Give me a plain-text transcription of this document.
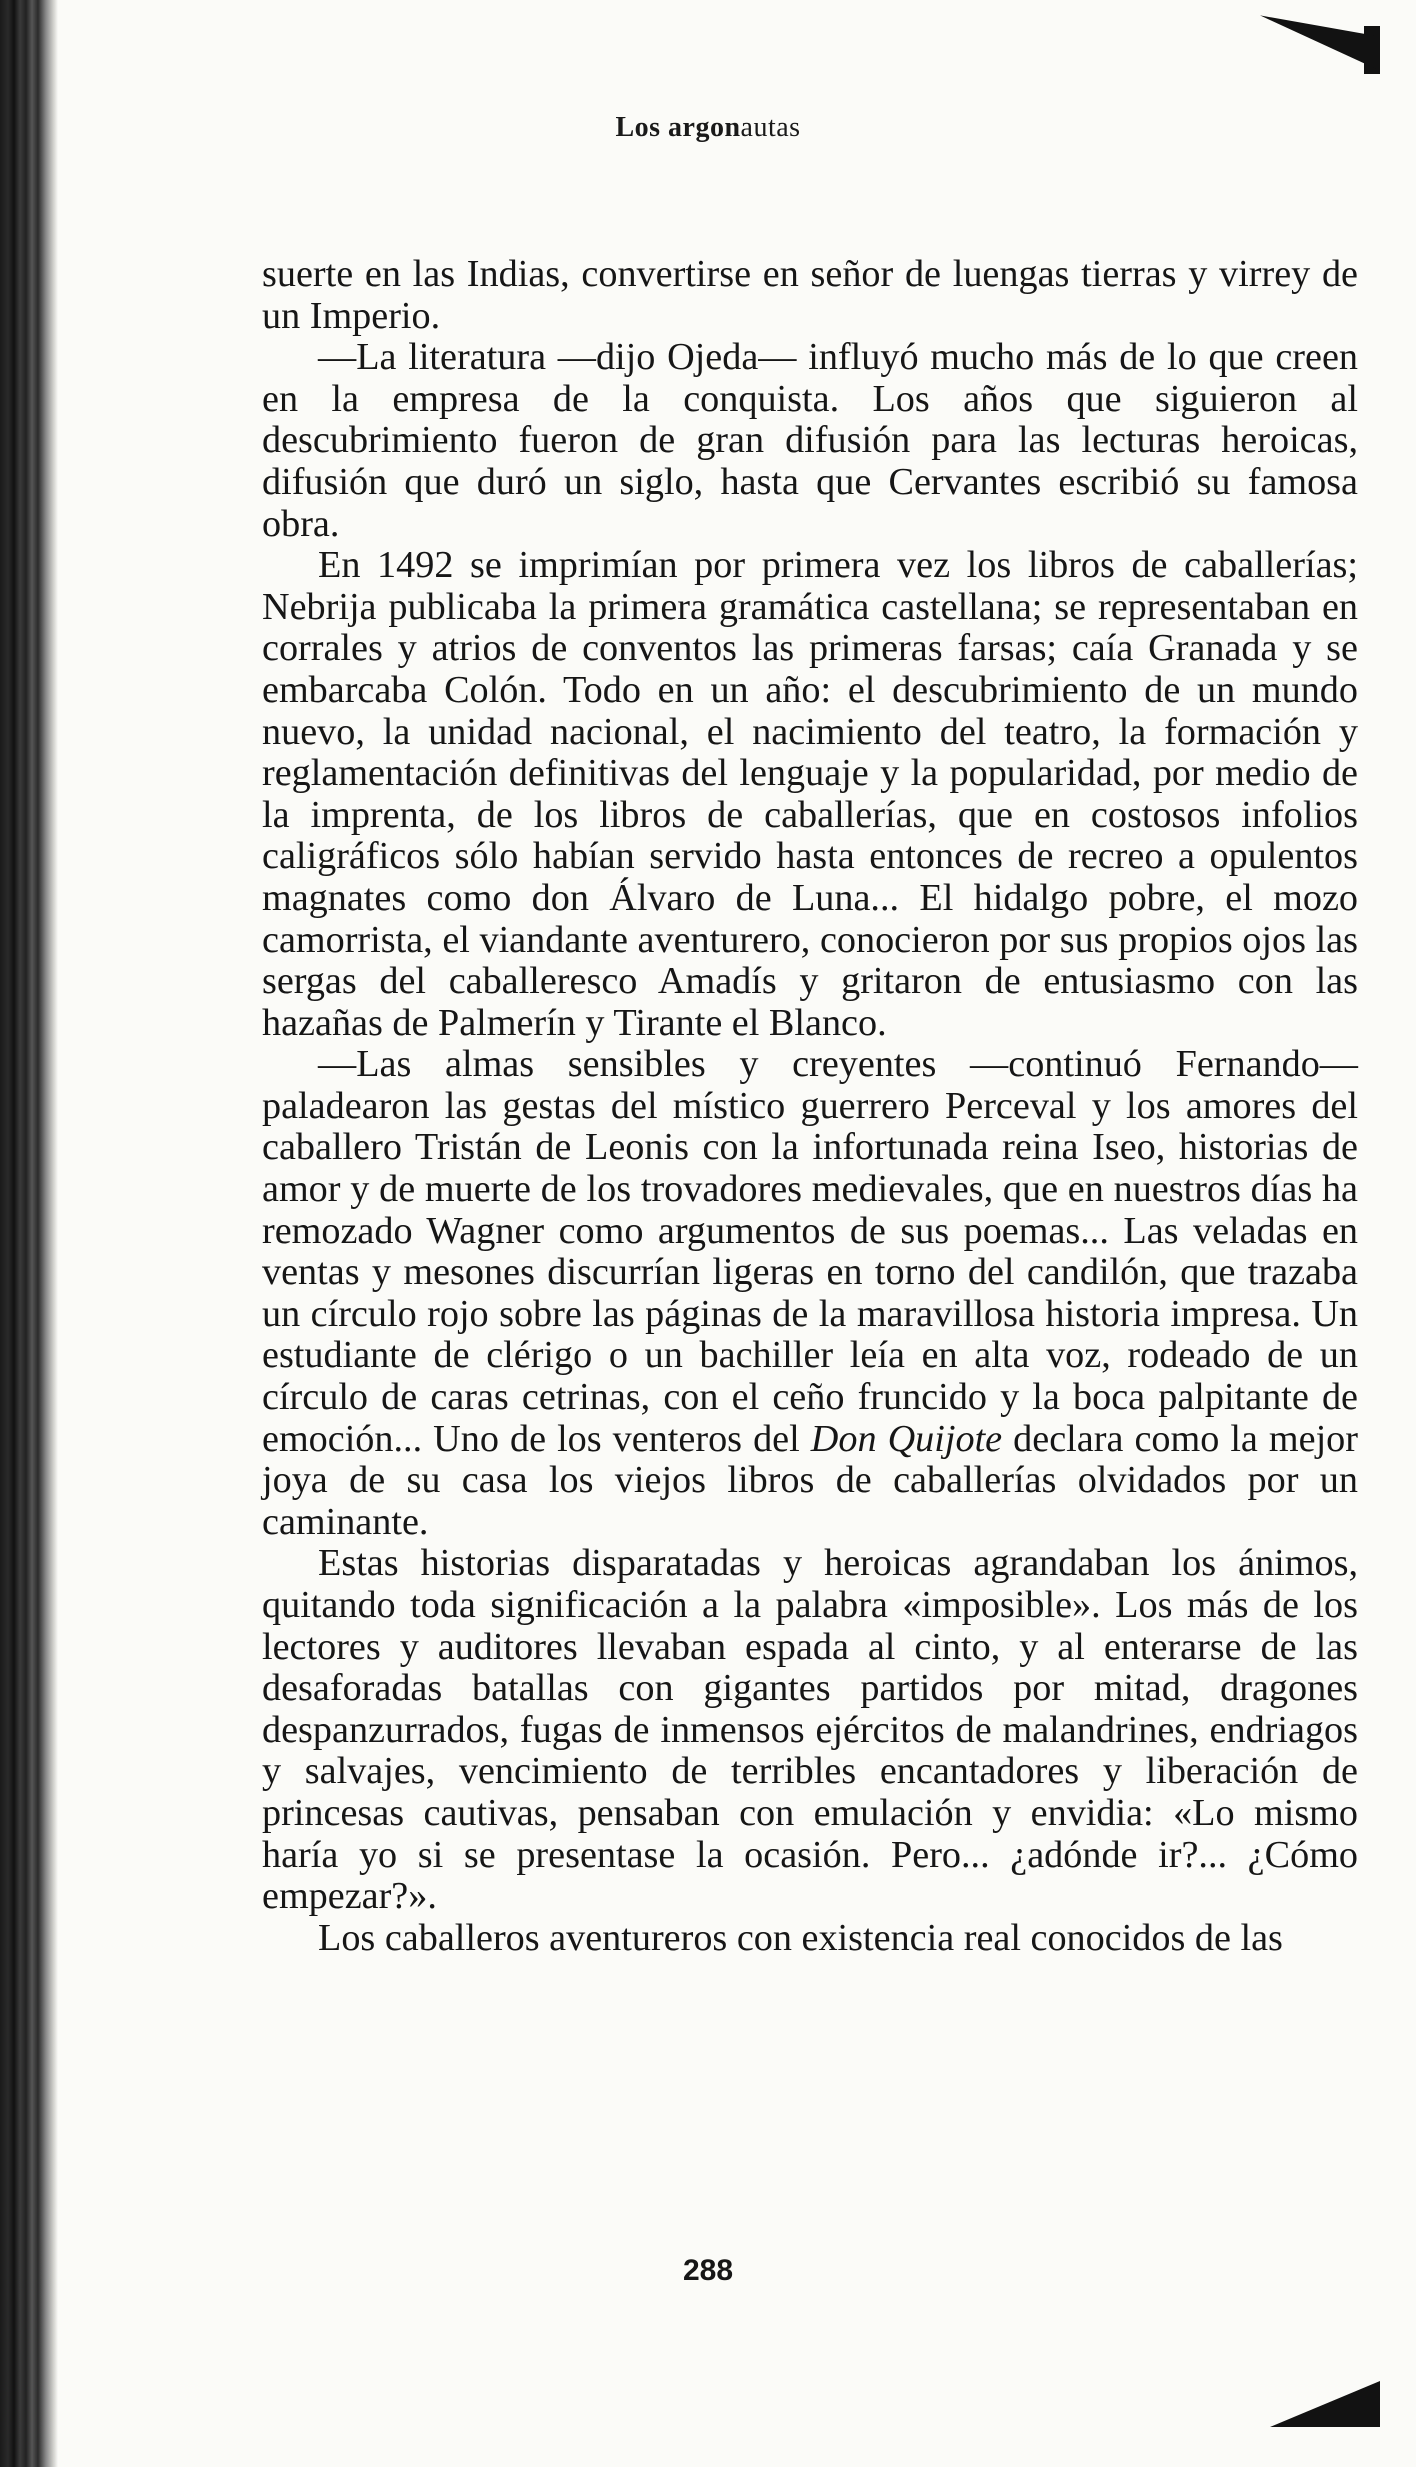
Los argonautas

suerte en las Indias, convertirse en señor de luengas tierras y virrey de un Imperio.

—La literatura —dijo Ojeda— influyó mucho más de lo que creen en la empresa de la conquista. Los años que siguieron al descubrimiento fueron de gran difusión para las lecturas heroicas, difusión que duró un siglo, hasta que Cervantes escribió su famosa obra.

En 1492 se imprimían por primera vez los libros de caballerías; Nebrija publicaba la primera gramática castellana; se representaban en corrales y atrios de conventos las primeras farsas; caía Granada y se embarcaba Colón. Todo en un año: el descubrimiento de un mundo nuevo, la unidad nacional, el nacimiento del teatro, la formación y reglamentación definitivas del lenguaje y la popularidad, por medio de la imprenta, de los libros de caballerías, que en costosos infolios caligráficos sólo habían servido hasta entonces de recreo a opulentos magnates como don Álvaro de Luna... El hidalgo pobre, el mozo camorrista, el viandante aventurero, conocieron por sus propios ojos las sergas del caballeresco Amadís y gritaron de entusiasmo con las hazañas de Palmerín y Tirante el Blanco.

—Las almas sensibles y creyentes —continuó Fernando— paladearon las gestas del místico guerrero Perceval y los amores del caballero Tristán de Leonis con la infortunada reina Iseo, historias de amor y de muerte de los trovadores medievales, que en nuestros días ha remozado Wagner como argumentos de sus poemas... Las veladas en ventas y mesones discurrían ligeras en torno del candilón, que trazaba un círculo rojo sobre las páginas de la maravillosa historia impresa. Un estudiante de clérigo o un bachiller leía en alta voz, rodeado de un círculo de caras cetrinas, con el ceño fruncido y la boca palpitante de emoción... Uno de los venteros del Don Quijote declara como la mejor joya de su casa los viejos libros de caballerías olvidados por un caminante.

Estas historias disparatadas y heroicas agrandaban los ánimos, quitando toda significación a la palabra «imposible». Los más de los lectores y auditores llevaban espada al cinto, y al enterarse de las desaforadas batallas con gigantes partidos por mitad, dragones despanzurrados, fugas de inmensos ejércitos de malandrines, endriagos y salvajes, vencimiento de terribles encantadores y liberación de princesas cautivas, pensaban con emulación y envidia: «Lo mismo haría yo si se presentase la ocasión. Pero... ¿adónde ir?... ¿Cómo empezar?».

Los caballeros aventureros con existencia real conocidos de las

288
